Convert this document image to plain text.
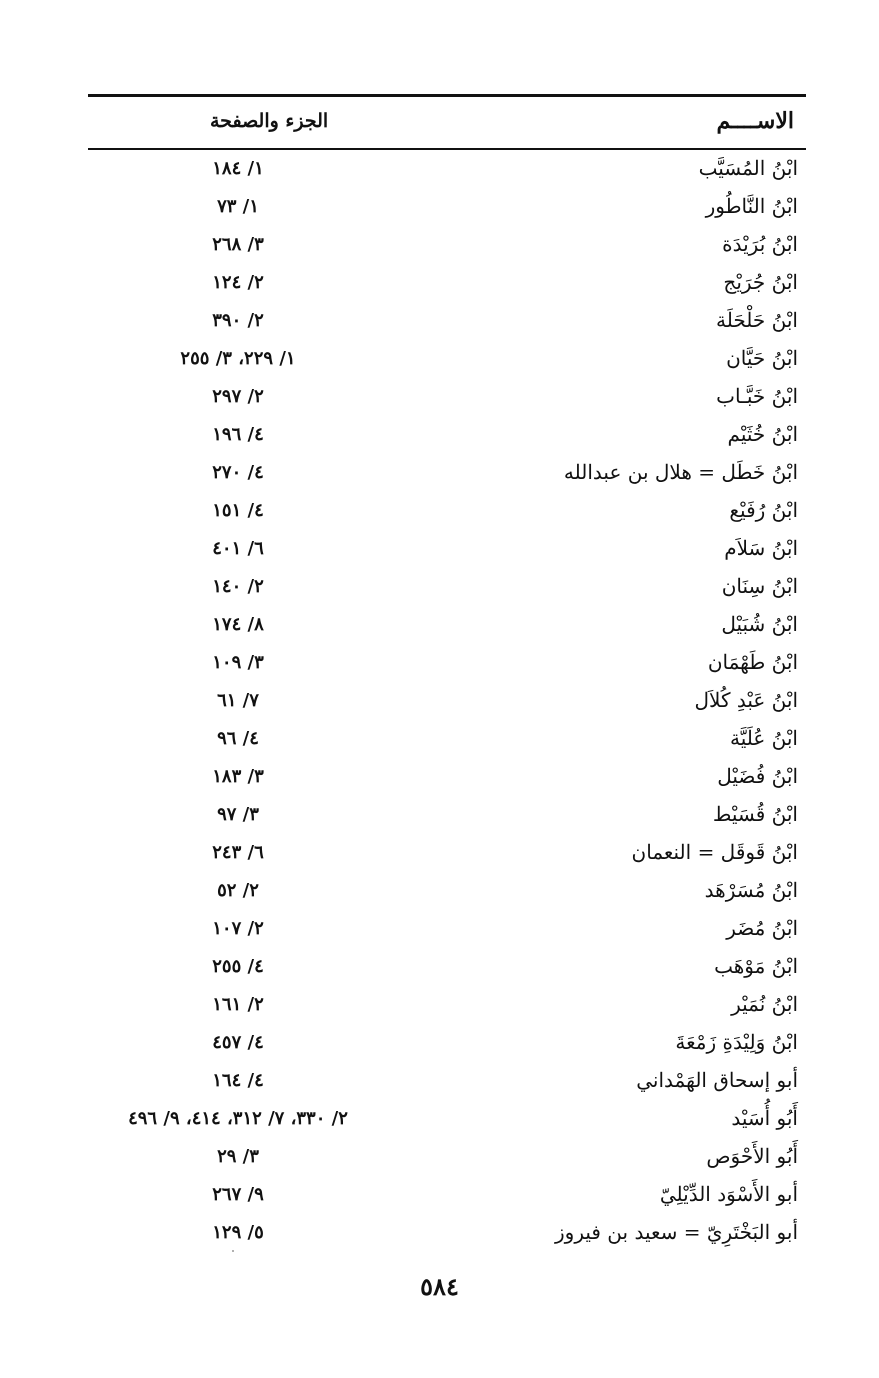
الاســــم
الجزء والصفحة
ابْنُ المُسَيَّب
١/ ١٨٤
ابْنُ النَّاطُور
١/ ٧٣
ابْنُ بُرَيْدَة
٣/ ٢٦٨
ابْنُ جُرَيْج
٢/ ١٢٤
ابْنُ حَلْحَلَة
٢/ ٣٩٠
ابْنُ حَيَّان
١/ ٢٢٩، ٣/ ٢٥٥
ابْنُ خَبَّـاب
٢/ ٢٩٧
ابْنُ خُثَيْم
٤/ ١٩٦
ابْنُ خَطَل = هلال بن عبدالله
٤/ ٢٧٠
ابْنُ رُفَيْع
٤/ ١٥١
ابْنُ سَلاَم
٦/ ٤٠١
ابْنُ سِنَان
٢/ ١٤٠
ابْنُ شُبَيْل
٨/ ١٧٤
ابْنُ طَهْمَان
٣/ ١٠٩
ابْنُ عَبْدِ كُلاَل
٧/ ٦١
ابْنُ عُلَيَّة
٤/ ٩٦
ابْنُ فُضَيْل
٣/ ١٨٣
ابْنُ قُسَيْط
٣/ ٩٧
ابْنُ قَوقَل = النعمان
٦/ ٢٤٣
ابْنُ مُسَرْهَد
٢/ ٥٢
ابْنُ مُضَر
٢/ ١٠٧
ابْنُ مَوْهَب
٤/ ٢٥٥
ابْنُ نُمَيْر
٢/ ١٦١
ابْنُ وَلِيْدَةِ زَمْعَةَ
٤/ ٤٥٧
أبو إسحاق الهَمْداني
٤/ ١٦٤
أَبُو أُسَيْد
٢/ ٣٣٠، ٧/ ٣١٢، ٤١٤، ٩/ ٤٩٦
أَبُو الأَحْوَص
٣/ ٢٩
أبو الأَسْوَد الدِّيْلِيّ
٩/ ٢٦٧
أبو البَخْتَرِيّ = سعيد بن فيروز
٥/ ١٢٩
٥٨٤
